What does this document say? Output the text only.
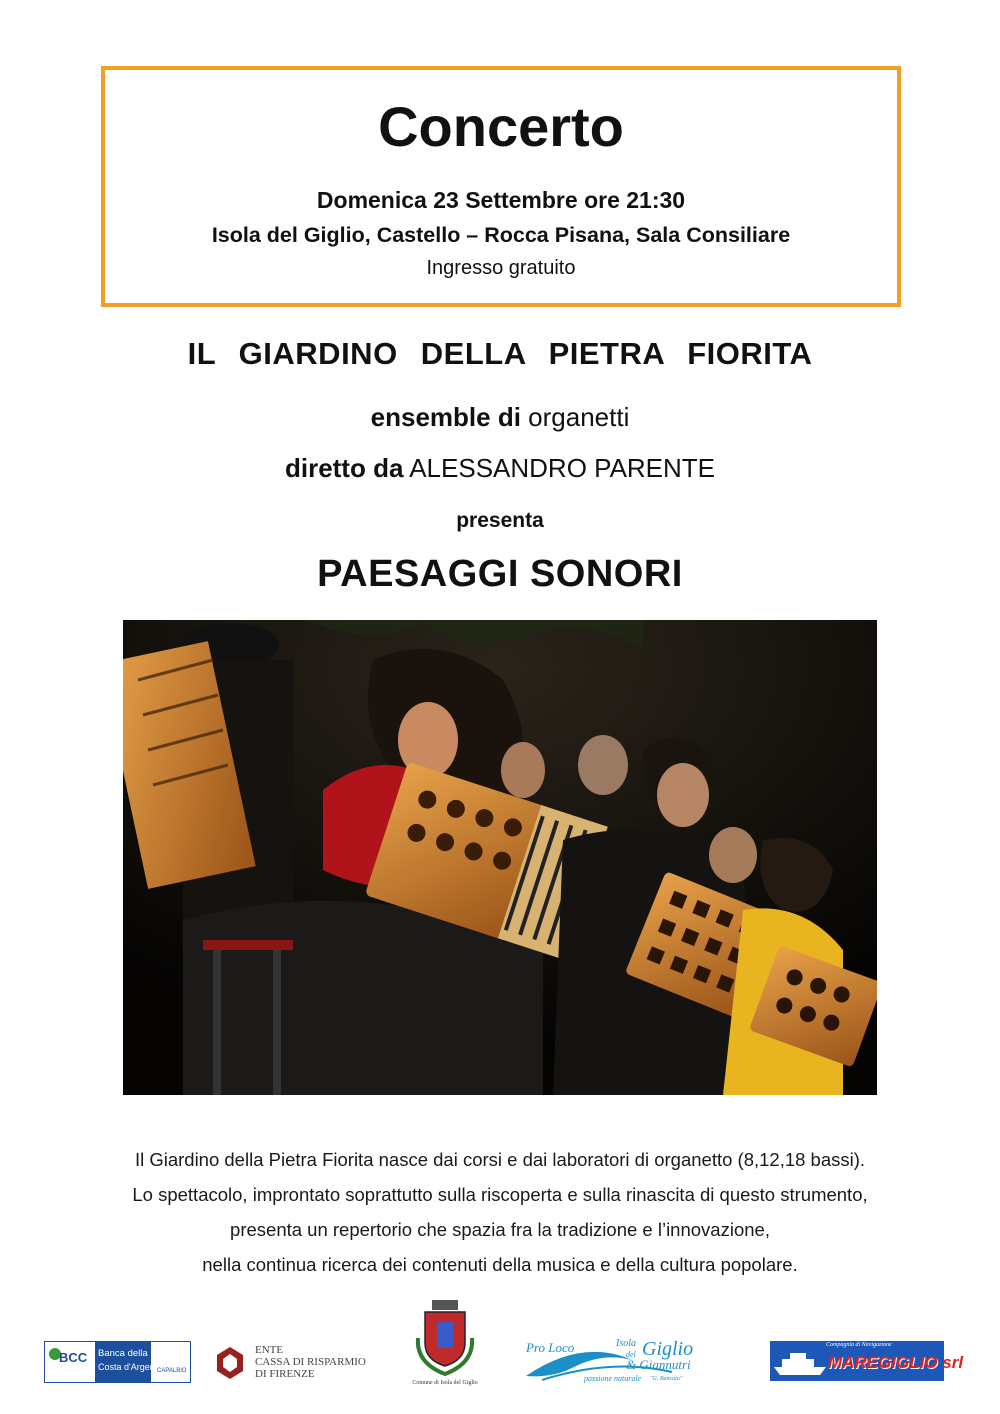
Concerto
Domenica 23 Settembre ore 21:30
Isola del Giglio, Castello – Rocca Pisana, Sala Consiliare
Ingresso gratuito
IL GIARDINO DELLA PIETRA FIORITA
ensemble di organetti
diretto da ALESSANDRO PARENTE
presenta
PAESAGGI SONORI
Il Giardino della Pietra Fiorita nasce dai corsi e dai laboratori di organetto (8,12,18 bassi).
Lo spettacolo, improntato soprattutto sulla riscoperta e sulla rinascita di questo strumento,
presenta un repertorio che spazia fra la tradizione e l’innovazione,
nella continua ricerca dei contenuti della musica e della cultura popolare.
BCC Banca della
Costa d'Argento
CAPALBIO
ENTE
CASSA DI RISPARMIO
DI FIRENZE
Comune di Isola del Giglio
Pro Loco	Isola
del Giglio
& Giannutri
passione naturale "G. Bancala"
Compagnia di Navigazione
MAREGIGLIO srl
